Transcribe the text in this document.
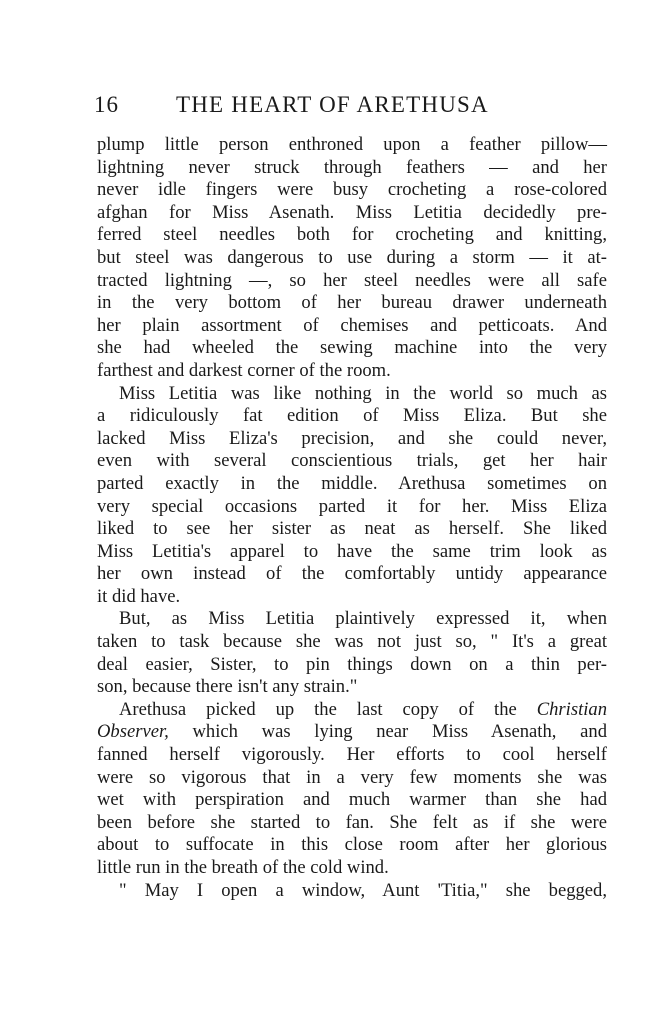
16 THE HEART OF ARETHUSA
plump little person enthroned upon a feather pillow—
lightning never struck through feathers — and her
never idle fingers were busy crocheting a rose-colored
afghan for Miss Asenath. Miss Letitia decidedly pre-
ferred steel needles both for crocheting and knitting,
but steel was dangerous to use during a storm — it at-
tracted lightning —, so her steel needles were all safe
in the very bottom of her bureau drawer underneath
her plain assortment of chemises and petticoats. And
she had wheeled the sewing machine into the very
farthest and darkest corner of the room.
Miss Letitia was like nothing in the world so much as
a ridiculously fat edition of Miss Eliza. But she
lacked Miss Eliza's precision, and she could never,
even with several conscientious trials, get her hair
parted exactly in the middle. Arethusa sometimes on
very special occasions parted it for her. Miss Eliza
liked to see her sister as neat as herself. She liked
Miss Letitia's apparel to have the same trim look as
her own instead of the comfortably untidy appearance
it did have.
But, as Miss Letitia plaintively expressed it, when
taken to task because she was not just so, " It's a great
deal easier, Sister, to pin things down on a thin per-
son, because there isn't any strain."
Arethusa picked up the last copy of the Christian
Observer, which was lying near Miss Asenath, and
fanned herself vigorously. Her efforts to cool herself
were so vigorous that in a very few moments she was
wet with perspiration and much warmer than she had
been before she started to fan. She felt as if she were
about to suffocate in this close room after her glorious
little run in the breath of the cold wind.
" May I open a window, Aunt 'Titia," she begged,
